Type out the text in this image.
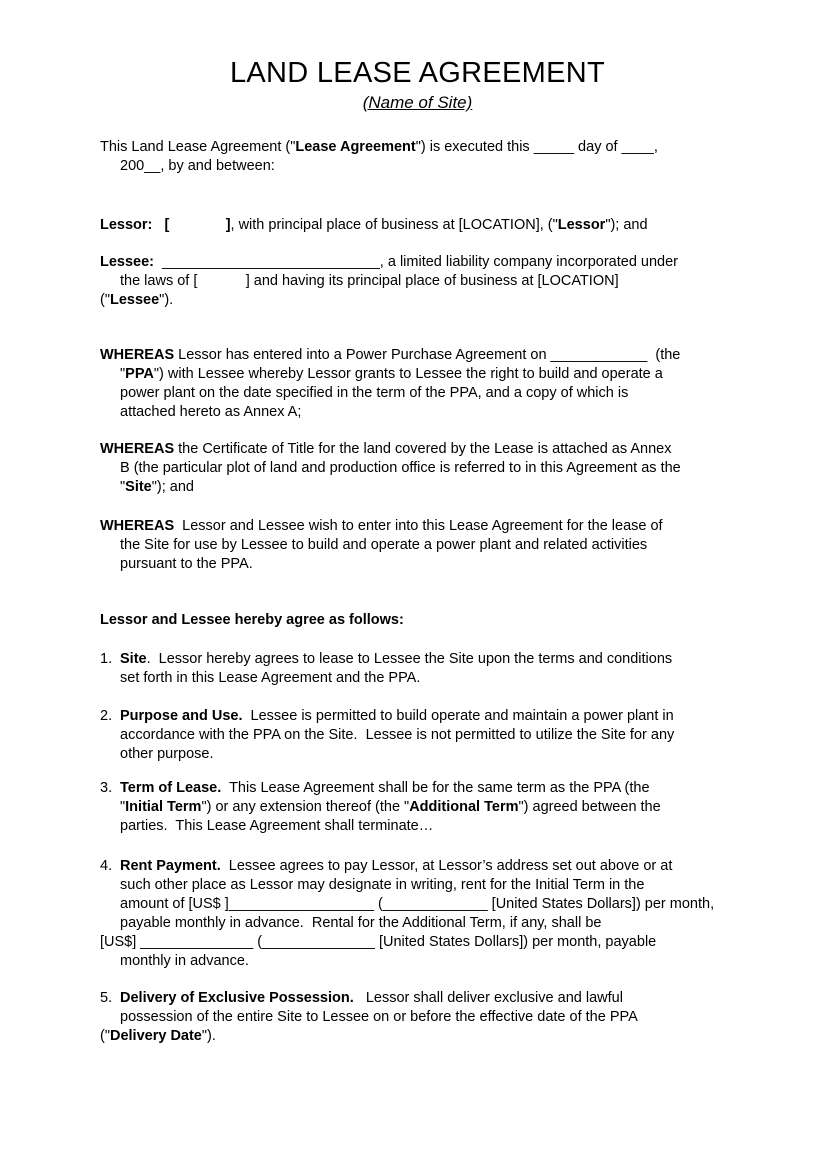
LAND LEASE AGREEMENT
(Name of Site)
This Land Lease Agreement ("Lease Agreement") is executed this _____ day of ____,
200__, by and between:
Lessor:   [              ], with principal place of business at [LOCATION], ("Lessor"); and
Lessee:  ___________________________, a limited liability company incorporated under
the laws of [            ] and having its principal place of business at [LOCATION]
("Lessee").
WHEREAS Lessor has entered into a Power Purchase Agreement on ____________  (the
"PPA") with Lessee whereby Lessor grants to Lessee the right to build and operate a
power plant on the date specified in the term of the PPA, and a copy of which is
attached hereto as Annex A;
WHEREAS the Certificate of Title for the land covered by the Lease is attached as Annex
B (the particular plot of land and production office is referred to in this Agreement as the
"Site"); and
WHEREAS  Lessor and Lessee wish to enter into this Lease Agreement for the lease of
the Site for use by Lessee to build and operate a power plant and related activities
pursuant to the PPA.
Lessor and Lessee hereby agree as follows:
1. Site.  Lessor hereby agrees to lease to Lessee the Site upon the terms and conditions
set forth in this Lease Agreement and the PPA.
2. Purpose and Use.  Lessee is permitted to build operate and maintain a power plant in
accordance with the PPA on the Site.  Lessee is not permitted to utilize the Site for any
other purpose.
3. Term of Lease.  This Lease Agreement shall be for the same term as the PPA (the
"Initial Term") or any extension thereof (the "Additional Term") agreed between the
parties.  This Lease Agreement shall terminate…
4. Rent Payment.  Lessee agrees to pay Lessor, at Lessor’s address set out above or at
such other place as Lessor may designate in writing, rent for the Initial Term in the
amount of [US$ ]__________________ (_____________ [United States Dollars]) per month,
payable monthly in advance.  Rental for the Additional Term, if any, shall be
[US$] ______________ (______________ [United States Dollars]) per month, payable
monthly in advance.
5. Delivery of Exclusive Possession.   Lessor shall deliver exclusive and lawful
possession of the entire Site to Lessee on or before the effective date of the PPA
("Delivery Date").
